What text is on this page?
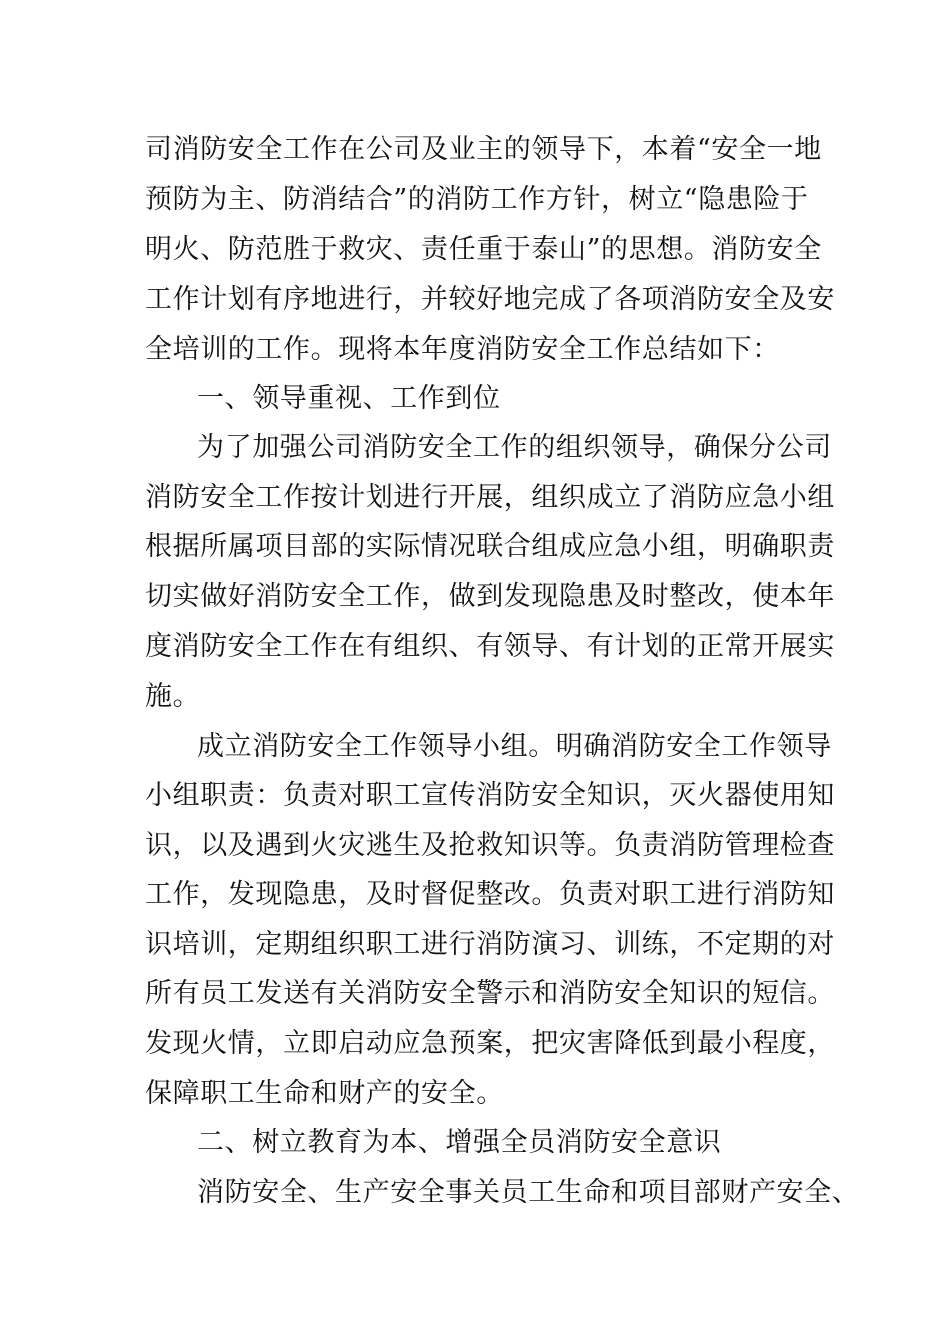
司消防安全工作在公司及业主的领导下，本着“安全一地
预防为主、防消结合”的消防工作方针，树立“隐患险于
明火、防范胜于救灾、责任重于泰山”的思想。消防安全
工作计划有序地进行，并较好地完成了各项消防安全及安
全培训的工作。现将本年度消防安全工作总结如下：
一、领导重视、工作到位
为了加强公司消防安全工作的组织领导，确保分公司
消防安全工作按计划进行开展，组织成立了消防应急小组
根据所属项目部的实际情况联合组成应急小组，明确职责
切实做好消防安全工作，做到发现隐患及时整改，使本年
度消防安全工作在有组织、有领导、有计划的正常开展实
施。
成立消防安全工作领导小组。明确消防安全工作领导
小组职责：负责对职工宣传消防安全知识，灭火器使用知
识，以及遇到火灾逃生及抢救知识等。负责消防管理检查
工作，发现隐患，及时督促整改。负责对职工进行消防知
识培训，定期组织职工进行消防演习、训练，不定期的对
所有员工发送有关消防安全警示和消防安全知识的短信。
发现火情，立即启动应急预案，把灾害降低到最小程度，
保障职工生命和财产的安全。
二、树立教育为本、增强全员消防安全意识
消防安全、生产安全事关员工生命和项目部财产安全、
